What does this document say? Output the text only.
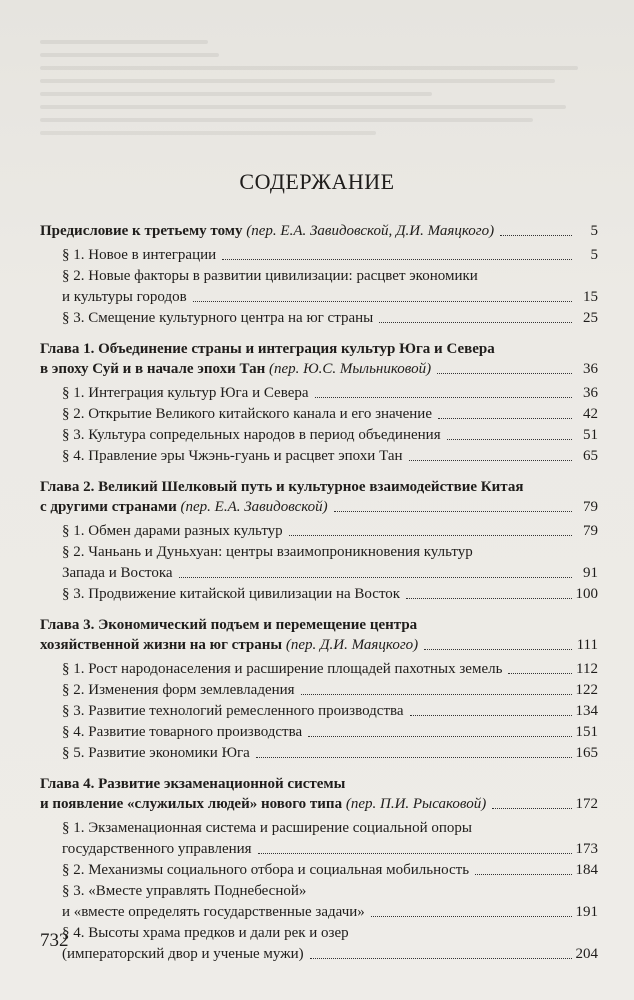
СОДЕРЖАНИЕ
Предисловие к третьему тому (пер. Е.А. Завидовской, Д.И. Маяцкого)	5
§ 1. Новое в интеграции	5
§ 2. Новые факторы в развитии цивилизации: расцвет экономики
и культуры городов	15
§ 3. Смещение культурного центра на юг страны	25
Глава 1. Объединение страны и интеграция культур Юга и Севера
в эпоху Суй и в начале эпохи Тан (пер. Ю.С. Мыльниковой)	36
§ 1. Интеграция культур Юга и Севера	36
§ 2. Открытие Великого китайского канала и его значение	42
§ 3. Культура сопредельных народов в период объединения	51
§ 4. Правление эры Чжэнь-гуань и расцвет эпохи Тан	65
Глава 2. Великий Шелковый путь и культурное взаимодействие Китая
с другими странами (пер. Е.А. Завидовской)	79
§ 1. Обмен дарами разных культур	79
§ 2. Чаньань и Дуньхуан: центры взаимопроникновения культур
Запада и Востока	91
§ 3. Продвижение китайской цивилизации на Восток	100
Глава 3. Экономический подъем и перемещение центра
хозяйственной жизни на юг страны (пер. Д.И. Маяцкого)	111
§ 1. Рост народонаселения и расширение площадей пахотных земель	112
§ 2. Изменения форм землевладения	122
§ 3. Развитие технологий ремесленного производства	134
§ 4. Развитие товарного производства	151
§ 5. Развитие экономики Юга	165
Глава 4. Развитие экзаменационной системы
и появление «служилых людей» нового типа (пер. П.И. Рысаковой)	172
§ 1. Экзаменационная система и расширение социальной опоры
государственного управления	173
§ 2. Механизмы социального отбора и социальная мобильность	184
§ 3. «Вместе управлять Поднебесной»
и «вместе определять государственные задачи»	191
§ 4. Высоты храма предков и дали рек и озер
(императорский двор и ученые мужи)	204
732
